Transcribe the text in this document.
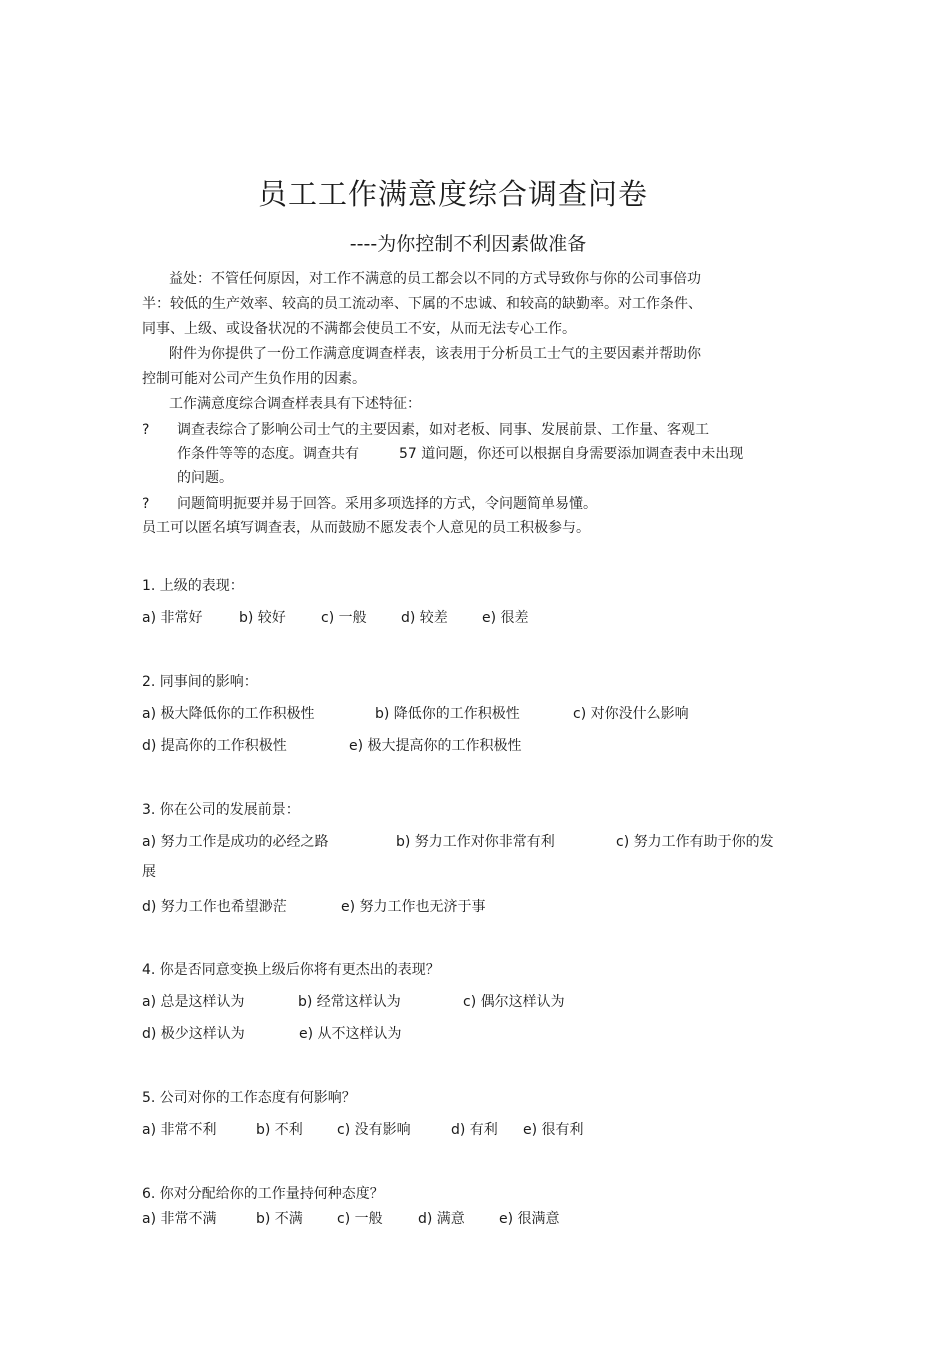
员工工作满意度综合调查问卷
----为你控制不利因素做准备
益处：不管任何原因，对工作不满意的员工都会以不同的方式导致你与你的公司事倍功
半：较低的生产效率、较高的员工流动率、下属的不忠诚、和较高的缺勤率。对工作条件、
同事、上级、或设备状况的不满都会使员工不安，从而无法专心工作。
附件为你提供了一份工作满意度调查样表，该表用于分析员工士气的主要因素并帮助你
控制可能对公司产生负作用的因素。
工作满意度综合调查样表具有下述特征：
? 调查表综合了影响公司士气的主要因素，如对老板、同事、发展前景、工作量、客观工
作条件等等的态度。调查共有	57 道问题，你还可以根据自身需要添加调查表中未出现
的问题。
? 问题简明扼要并易于回答。采用多项选择的方式，令问题简单易懂。
员工可以匿名填写调查表，从而鼓励不愿发表个人意见的员工积极参与。
1. 上级的表现：
a) 非常好	b) 较好	c) 一般 d) 较差 e) 很差
2. 同事间的影响：
a) 极大降低你的工作积极性	b) 降低你的工作积极性	c) 对你没什么影响
d) 提高你的工作积极性	e) 极大提高你的工作积极性
3. 你在公司的发展前景：
a) 努力工作是成功的必经之路	b) 努力工作对你非常有利	c) 努力工作有助于你的发
展
d) 努力工作也希望渺茫	e) 努力工作也无济于事
4. 你是否同意变换上级后你将有更杰出的表现？
a) 总是这样认为	b) 经常这样认为	c) 偶尔这样认为
d) 极少这样认为	e) 从不这样认为
5. 公司对你的工作态度有何影响？
a) 非常不利	b) 不利 c) 没有影响	d) 有利 e) 很有利
6. 你对分配给你的工作量持何种态度？
a) 非常不满	b) 不满 c) 一般	d) 满意 e) 很满意
